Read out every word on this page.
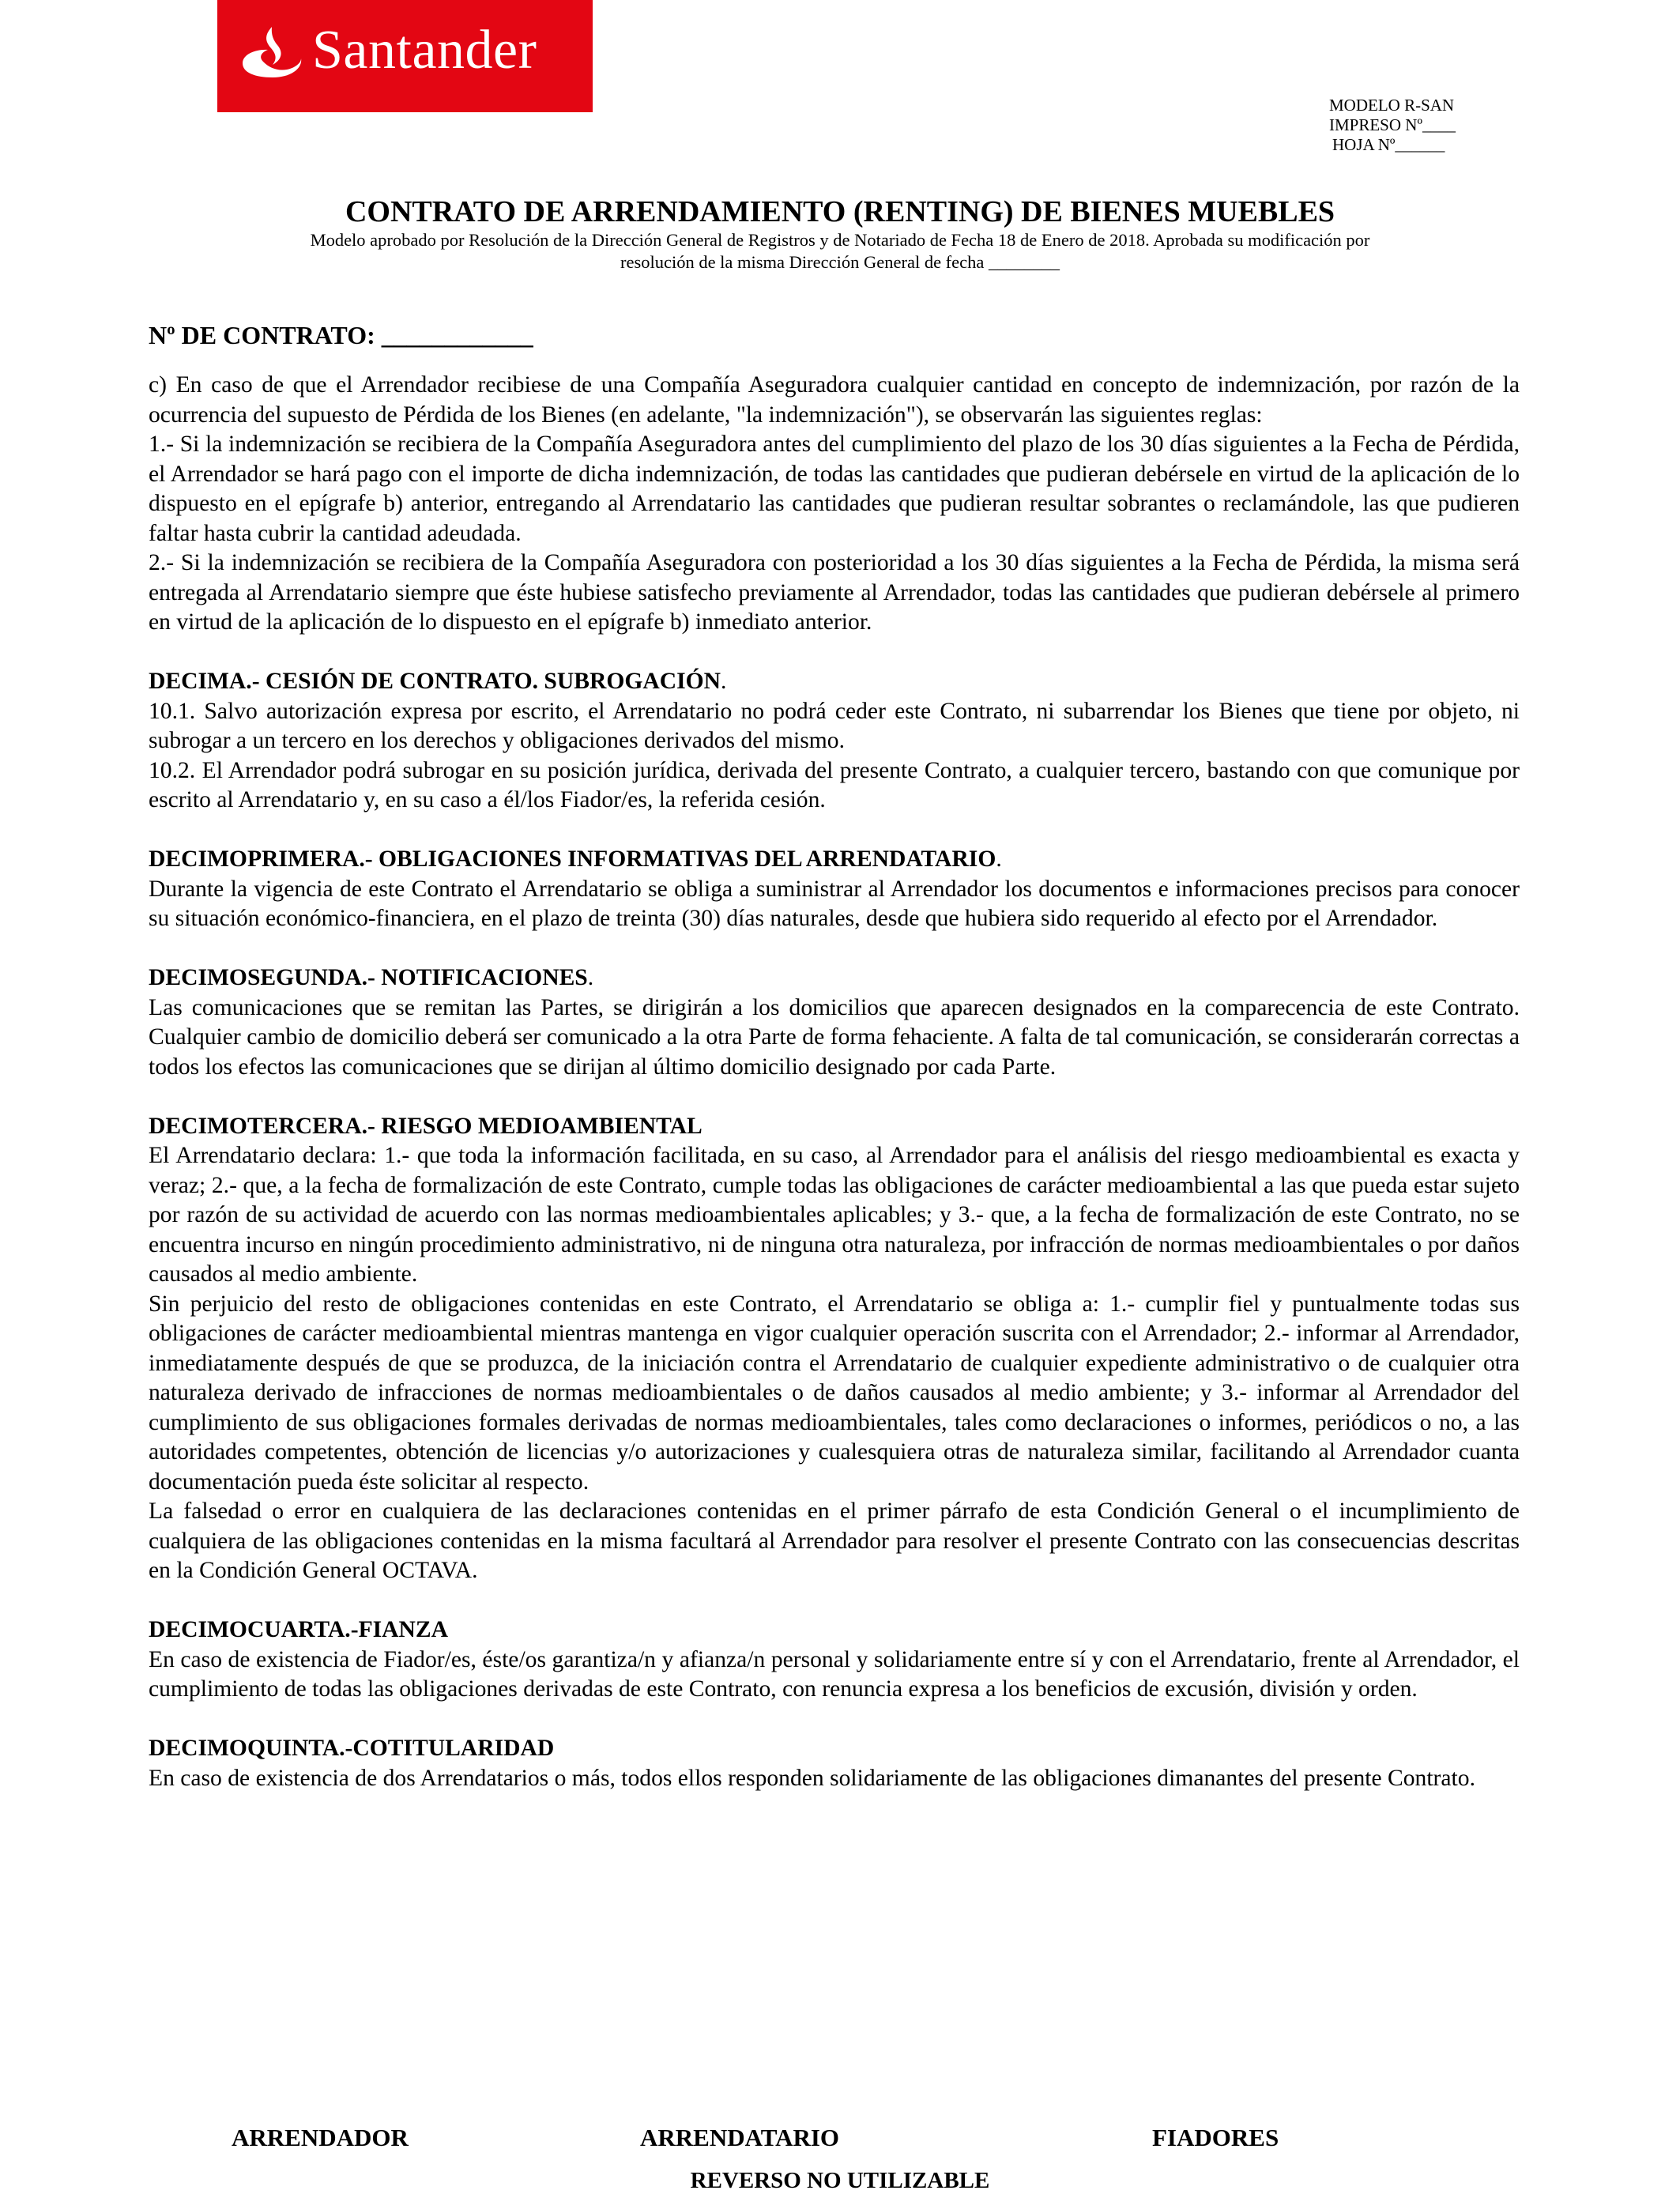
Santander
MODELO R-SAN
IMPRESO Nº____
HOJA Nº______
CONTRATO DE ARRENDAMIENTO (RENTING) DE BIENES MUEBLES
Modelo aprobado por Resolución de la Dirección General de Registros y de Notariado de Fecha 18 de Enero de 2018. Aprobada su modificación por
resolución de la misma Dirección General de fecha ________
Nº DE CONTRATO: ____________

c) En caso de que el Arrendador recibiese de una Compañía Aseguradora cualquier cantidad en concepto de indemnización, por razón de la ocurrencia del supuesto de Pérdida de los Bienes (en adelante, "la indemnización"), se observarán las siguientes reglas:

1.- Si la indemnización se recibiera de la Compañía Aseguradora antes del cumplimiento del plazo de los 30 días siguientes a la Fecha de Pérdida, el Arrendador se hará pago con el importe de dicha indemnización, de todas las cantidades que pudieran debérsele en virtud de la aplicación de lo dispuesto en el epígrafe b) anterior, entregando al Arrendatario las cantidades que pudieran resultar sobrantes o reclamándole, las que pudieren faltar hasta cubrir la cantidad adeudada.

2.- Si la indemnización se recibiera de la Compañía Aseguradora con posterioridad a los 30 días siguientes a la Fecha de Pérdida, la misma será entregada al Arrendatario siempre que éste hubiese satisfecho previamente al Arrendador, todas las cantidades que pudieran debérsele al primero en virtud de la aplicación de lo dispuesto en el epígrafe b) inmediato anterior.

DECIMA.- CESIÓN DE CONTRATO. SUBROGACIÓN.

10.1. Salvo autorización expresa por escrito, el Arrendatario no podrá ceder este Contrato, ni subarrendar los Bienes que tiene por objeto, ni subrogar a un tercero en los derechos y obligaciones derivados del mismo.

10.2. El Arrendador podrá subrogar en su posición jurídica, derivada del presente Contrato, a cualquier tercero, bastando con que comunique por escrito al Arrendatario y, en su caso a él/los Fiador/es, la referida cesión.

DECIMOPRIMERA.- OBLIGACIONES INFORMATIVAS DEL ARRENDATARIO.

Durante la vigencia de este Contrato el Arrendatario se obliga a suministrar al Arrendador los documentos e informaciones precisos para conocer su situación económico-financiera, en el plazo de treinta (30) días naturales, desde que hubiera sido requerido al efecto por el Arrendador.

DECIMOSEGUNDA.- NOTIFICACIONES.

Las comunicaciones que se remitan las Partes, se dirigirán a los domicilios que aparecen designados en la comparecencia de este Contrato. Cualquier cambio de domicilio deberá ser comunicado a la otra Parte de forma fehaciente. A falta de tal comunicación, se considerarán correctas a todos los efectos las comunicaciones que se dirijan al último domicilio designado por cada Parte.

DECIMOTERCERA.- RIESGO MEDIOAMBIENTAL

El Arrendatario declara: 1.- que toda la información facilitada, en su caso, al Arrendador para el análisis del riesgo medioambiental es exacta y veraz; 2.- que, a la fecha de formalización de este Contrato, cumple todas las obligaciones de carácter medioambiental a las que pueda estar sujeto por razón de su actividad de acuerdo con las normas medioambientales aplicables; y 3.- que, a la fecha de formalización de este Contrato, no se encuentra incurso en ningún procedimiento administrativo, ni de ninguna otra naturaleza, por infracción de normas medioambientales o por daños causados al medio ambiente.

Sin perjuicio del resto de obligaciones contenidas en este Contrato, el Arrendatario se obliga a: 1.- cumplir fiel y puntualmente todas sus obligaciones de carácter medioambiental mientras mantenga en vigor cualquier operación suscrita con el Arrendador; 2.- informar al Arrendador, inmediatamente después de que se produzca, de la iniciación contra el Arrendatario de cualquier expediente administrativo o de cualquier otra naturaleza derivado de infracciones de normas medioambientales o de daños causados al medio ambiente; y 3.- informar al Arrendador del cumplimiento de sus obligaciones formales derivadas de normas medioambientales, tales como declaraciones o informes, periódicos o no, a las autoridades competentes, obtención de licencias y/o autorizaciones y cualesquiera otras de naturaleza similar, facilitando al Arrendador cuanta documentación pueda éste solicitar al respecto.

La falsedad o error en cualquiera de las declaraciones contenidas en el primer párrafo de esta Condición General o el incumplimiento de cualquiera de las obligaciones contenidas en la misma facultará al Arrendador para resolver el presente Contrato con las consecuencias descritas en la Condición General OCTAVA.

DECIMOCUARTA.-FIANZA

En caso de existencia de Fiador/es, éste/os garantiza/n y afianza/n personal y solidariamente entre sí y con el Arrendatario, frente al Arrendador, el cumplimiento de todas las obligaciones derivadas de este Contrato, con renuncia expresa a los beneficios de excusión, división y orden.

DECIMOQUINTA.-COTITULARIDAD

En caso de existencia de dos Arrendatarios o más, todos ellos responden solidariamente de las obligaciones dimanantes del presente Contrato.

ARRENDADOR	ARRENDATARIO	FIADORES
REVERSO NO UTILIZABLE
